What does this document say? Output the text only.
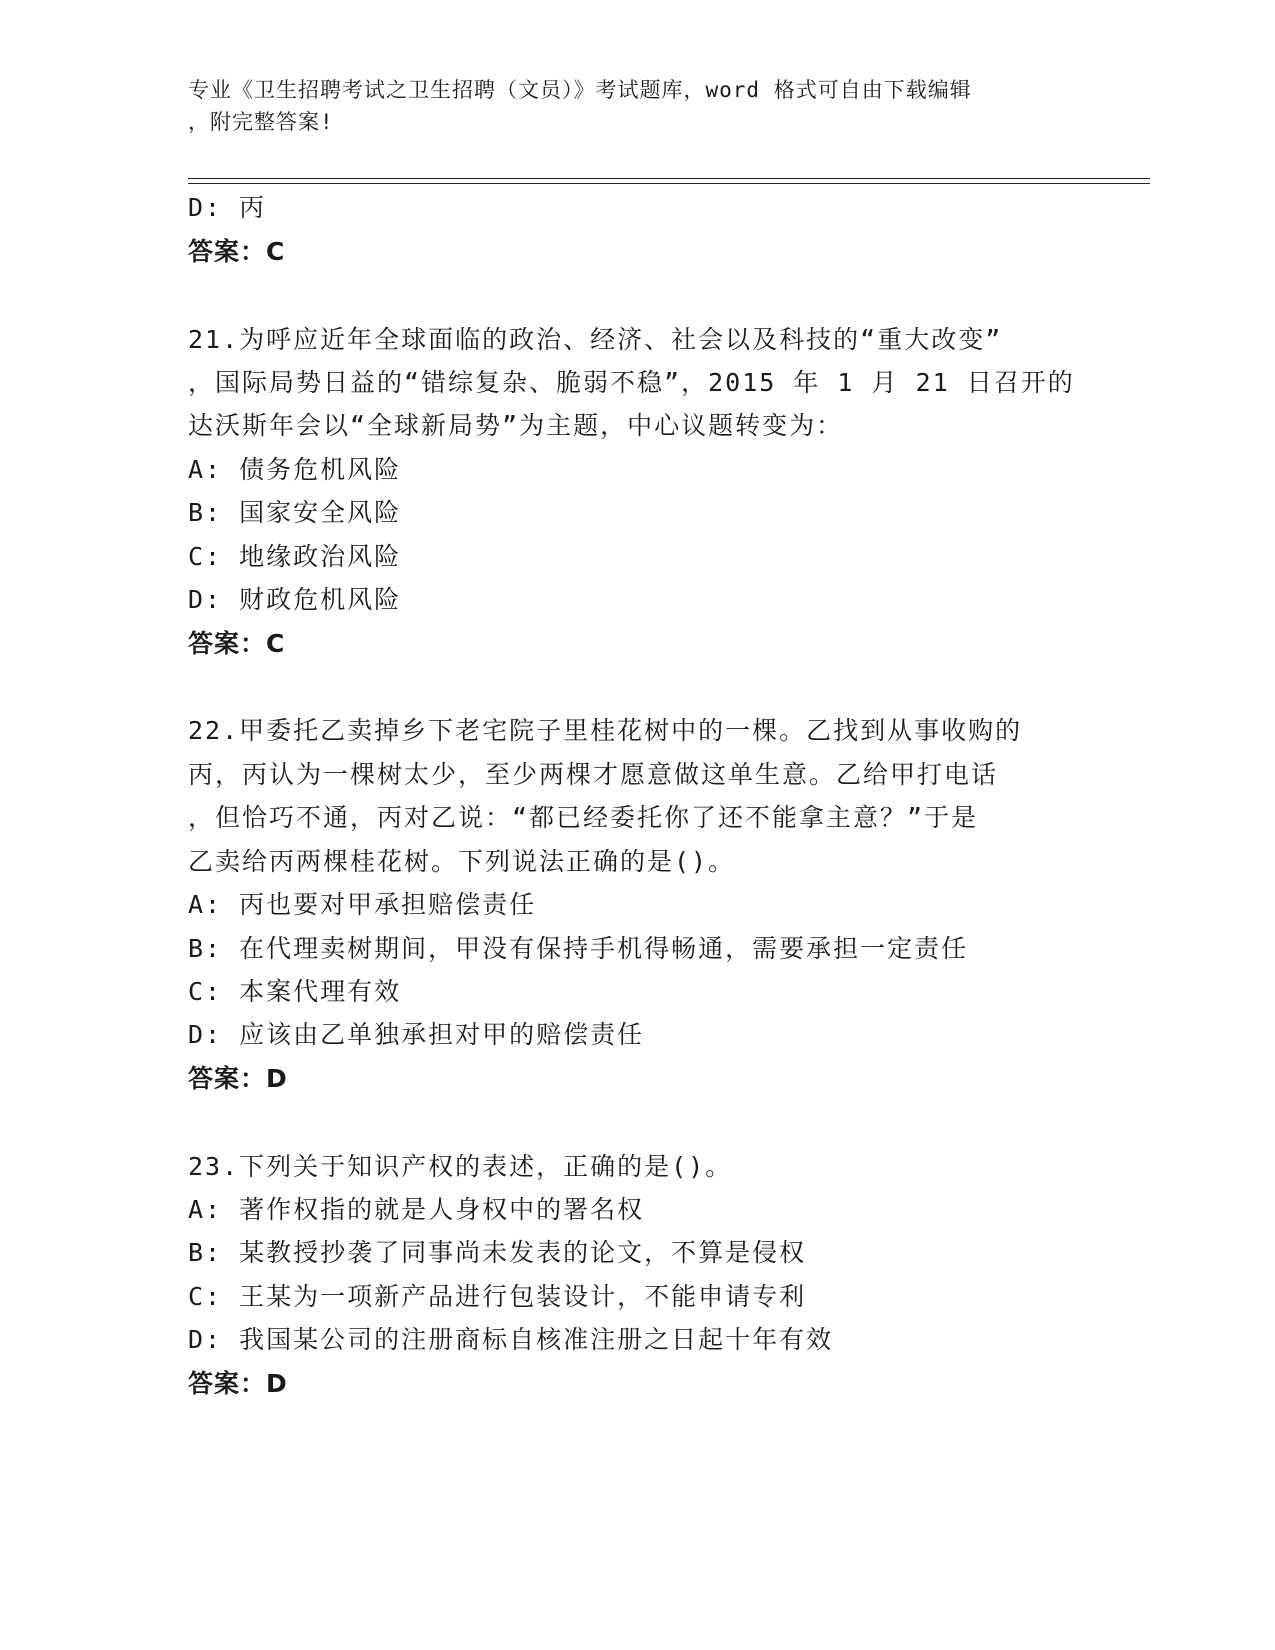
专业《卫生招聘考试之卫生招聘（文员）》考试题库，word 格式可自由下载编辑
，附完整答案!
D: 丙
答案：C
21.为呼应近年全球面临的政治、经济、社会以及科技的“重大改变”
，国际局势日益的“错综复杂、脆弱不稳”，2015 年 1 月 21 日召开的
达沃斯年会以“全球新局势”为主题，中心议题转变为：
A: 债务危机风险
B: 国家安全风险
C: 地缘政治风险
D: 财政危机风险
答案：C
22.甲委托乙卖掉乡下老宅院子里桂花树中的一棵。乙找到从事收购的
丙，丙认为一棵树太少，至少两棵才愿意做这单生意。乙给甲打电话
，但恰巧不通，丙对乙说：“都已经委托你了还不能拿主意？”于是
乙卖给丙两棵桂花树。下列说法正确的是()。
A: 丙也要对甲承担赔偿责任
B: 在代理卖树期间，甲没有保持手机得畅通，需要承担一定责任
C: 本案代理有效
D: 应该由乙单独承担对甲的赔偿责任
答案：D
23.下列关于知识产权的表述，正确的是()。
A: 著作权指的就是人身权中的署名权
B: 某教授抄袭了同事尚未发表的论文，不算是侵权
C: 王某为一项新产品进行包装设计，不能申请专利
D: 我国某公司的注册商标自核准注册之日起十年有效
答案：D
